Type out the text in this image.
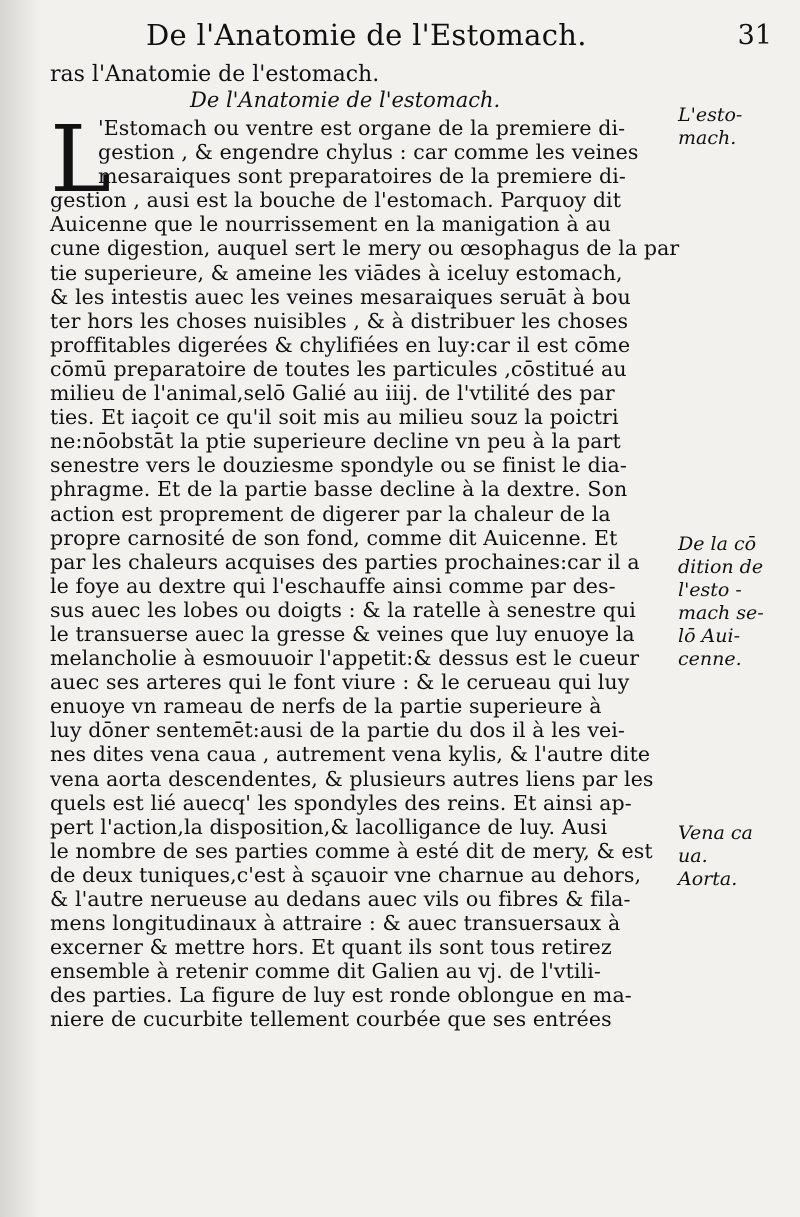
De l'Anatomie de l'Estomach.	31
ras l'Anatomie de l'estomach.
De l'Anatomie de l'estomach.
L
'Estomach ou ventre est organe de la premiere di-
gestion , & engendre chylus : car comme les veines
mesaraiques sont preparatoires de la premiere di-
gestion , ausi est la bouche de l'estomach. Parquoy dit
Auicenne que le nourrissement en la manigation à au
cune digestion, auquel sert le mery ou œsophagus de la par
tie superieure, & ameine les viādes à iceluy estomach,
& les intestis auec les veines mesaraiques seruāt à bou
ter hors les choses nuisibles , & à distribuer les choses
proffitables digerées & chylifiées en luy:car il est cōme
cōmū preparatoire de toutes les particules ,cōstitué au
milieu de l'animal,selō Galié au iiij. de l'vtilité des par
ties. Et iaçoit ce qu'il soit mis au milieu souz la poictri
ne:nōobstāt la ptie superieure decline vn peu à la part
senestre vers le douziesme spondyle ou se finist le dia-
phragme. Et de la partie basse decline à la dextre. Son
action est proprement de digerer par la chaleur de la
propre carnosité de son fond, comme dit Auicenne. Et
par les chaleurs acquises des parties prochaines:car il a
le foye au dextre qui l'eschauffe ainsi comme par des-
sus auec les lobes ou doigts : & la ratelle à senestre qui
le transuerse auec la gresse & veines que luy enuoye la
melancholie à esmouuoir l'appetit:& dessus est le cueur
auec ses arteres qui le font viure : & le cerueau qui luy
enuoye vn rameau de nerfs de la partie superieure à
luy dōner sentemēt:ausi de la partie du dos il à les vei-
nes dites vena caua , autrement vena kylis, & l'autre dite
vena aorta descendentes, & plusieurs autres liens par les
quels est lié auecq' les spondyles des reins. Et ainsi ap-
pert l'action,la disposition,& lacolligance de luy. Ausi
le nombre de ses parties comme à esté dit de mery, & est
de deux tuniques,c'est à sçauoir vne charnue au dehors,
& l'autre nerueuse au dedans auec vils ou fibres & fila-
mens longitudinaux à attraire : & auec transuersaux à
excerner & mettre hors. Et quant ils sont tous retirez
ensemble à retenir comme dit Galien au vj. de l'vtili-
des parties. La figure de luy est ronde oblongue en ma-
niere de cucurbite tellement courbée que ses entrées
L'esto-
mach.
De la cō
dition de
l'esto -
mach se-
lō Aui-
cenne.
Vena ca
ua.
Aorta.
